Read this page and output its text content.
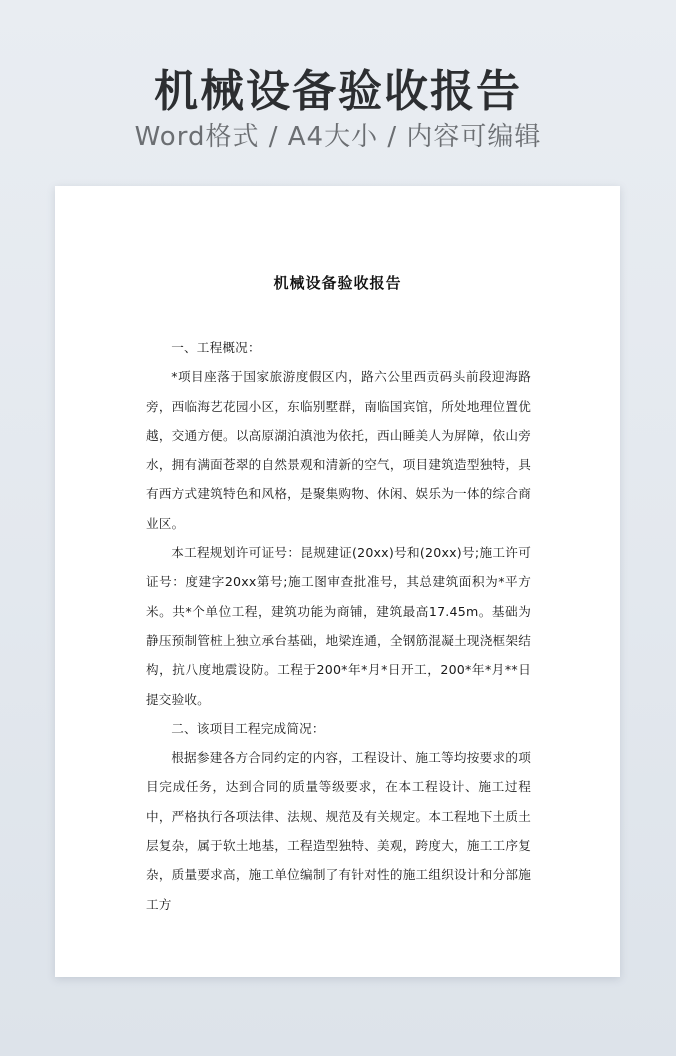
机械设备验收报告
Word格式 / A4大小 / 内容可编辑
机械设备验收报告

一、工程概况：

*项目座落于国家旅游度假区内，路六公里西贡码头前段迎海路旁，西临海艺花园小区，东临别墅群，南临国宾馆，所处地理位置优越，交通方便。以高原湖泊滇池为依托，西山睡美人为屏障，依山旁水，拥有满面苍翠的自然景观和清新的空气，项目建筑造型独特，具有西方式建筑特色和风格，是聚集购物、休闲、娱乐为一体的综合商业区。

本工程规划许可证号：昆规建证(20xx)号和(20xx)号;施工许可证号：度建字20xx第号;施工图审查批准号，其总建筑面积为*平方米。共*个单位工程，建筑功能为商铺，建筑最高17.45m。基础为静压预制管桩上独立承台基础，地梁连通，全钢筋混凝土现浇框架结构，抗八度地震设防。工程于200*年*月*日开工，200*年*月**日提交验收。

二、该项目工程完成简况：

根据参建各方合同约定的内容，工程设计、施工等均按要求的项目完成任务，达到合同的质量等级要求，在本工程设计、施工过程中，严格执行各项法律、法规、规范及有关规定。本工程地下土质土层复杂，属于软土地基，工程造型独特、美观，跨度大，施工工序复杂，质量要求高，施工单位编制了有针对性的施工组织设计和分部施工方
